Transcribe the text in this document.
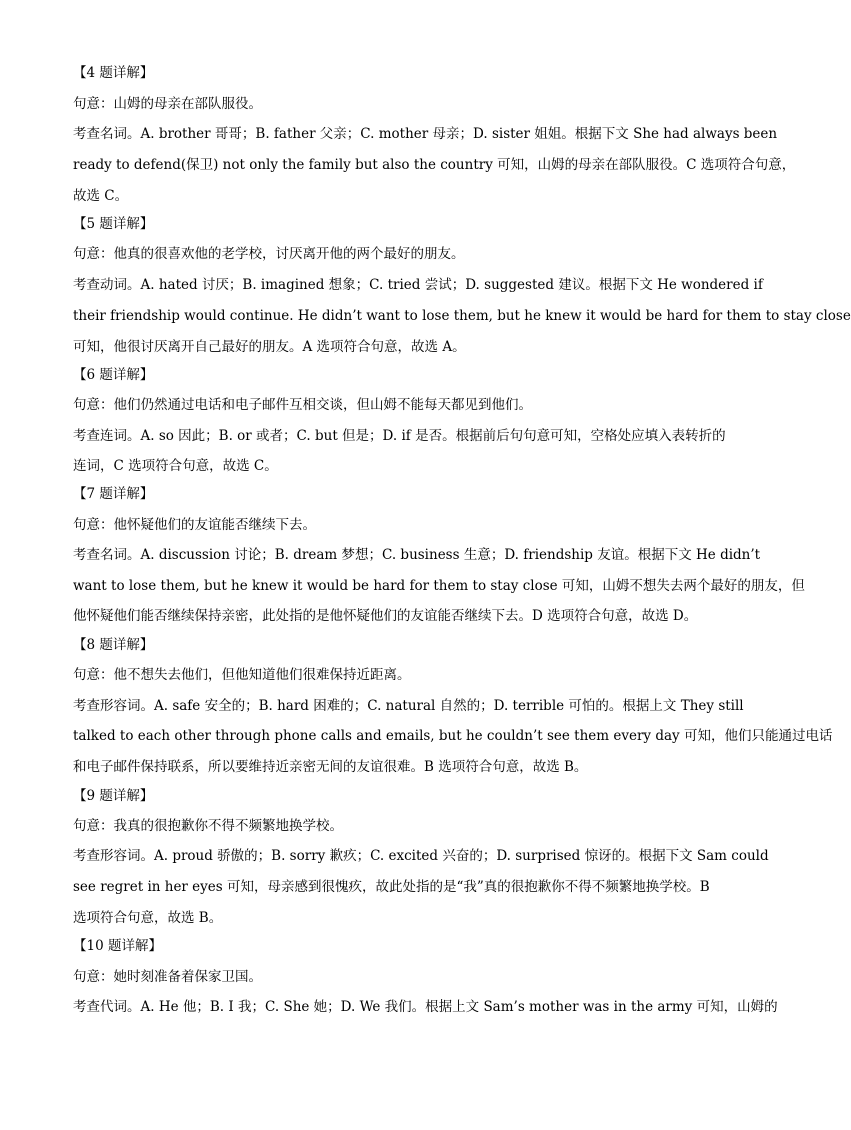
【4 题详解】
句意：山姆的母亲在部队服役。
考查名词。A. brother 哥哥；B. father 父亲；C. mother 母亲；D. sister 姐姐。根据下文 She had always been
ready to defend(保卫) not only the family but also the country 可知，山姆的母亲在部队服役。C 选项符合句意，
故选 C。
【5 题详解】
句意：他真的很喜欢他的老学校，讨厌离开他的两个最好的朋友。
考查动词。A. hated 讨厌；B. imagined 想象；C. tried 尝试；D. suggested 建议。根据下文 He wondered if
their friendship would continue. He didn’t want to lose them, but he knew it would be hard for them to stay close
可知，他很讨厌离开自己最好的朋友。A 选项符合句意，故选 A。
【6 题详解】
句意：他们仍然通过电话和电子邮件互相交谈，但山姆不能每天都见到他们。
考查连词。A. so 因此；B. or 或者；C. but 但是；D. if 是否。根据前后句句意可知，空格处应填入表转折的
连词，C 选项符合句意，故选 C。
【7 题详解】
句意：他怀疑他们的友谊能否继续下去。
考查名词。A. discussion 讨论；B. dream 梦想；C. business 生意；D. friendship 友谊。根据下文 He didn’t
want to lose them, but he knew it would be hard for them to stay close 可知，山姆不想失去两个最好的朋友，但
他怀疑他们能否继续保持亲密，此处指的是他怀疑他们的友谊能否继续下去。D 选项符合句意，故选 D。
【8 题详解】
句意：他不想失去他们，但他知道他们很难保持近距离。
考查形容词。A. safe 安全的；B. hard 困难的；C. natural 自然的；D. terrible 可怕的。根据上文 They still
talked to each other through phone calls and emails, but he couldn’t see them every day 可知，他们只能通过电话
和电子邮件保持联系，所以要维持近亲密无间的友谊很难。B 选项符合句意，故选 B。
【9 题详解】
句意：我真的很抱歉你不得不频繁地换学校。
考查形容词。A. proud 骄傲的；B. sorry 歉疚；C. excited 兴奋的；D. surprised 惊讶的。根据下文 Sam could
see regret in her eyes 可知，母亲感到很愧疚，故此处指的是“我”真的很抱歉你不得不频繁地换学校。B
选项符合句意，故选 B。
【10 题详解】
句意：她时刻准备着保家卫国。
考查代词。A. He 他；B. I 我；C. She 她；D. We 我们。根据上文 Sam’s mother was in the army 可知，山姆的
